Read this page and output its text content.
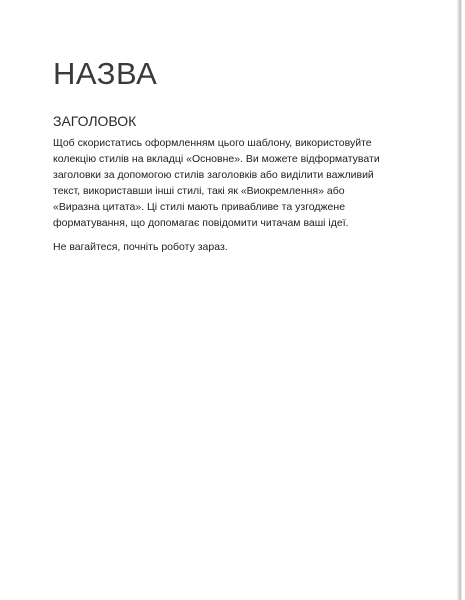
НАЗВА
ЗАГОЛОВОК

Щоб скористатись оформленням цього шаблону, використовуйте

колекцію стилів на вкладці «Основне». Ви можете відформатувати

заголовки за допомогою стилів заголовків або виділити важливий

текст, використавши інші стилі, такі як «Виокремлення» або

«Виразна цитата». Ці стилі мають привабливе та узгоджене

форматування, що допомагає повідомити читачам ваші ідеї.

Не вагайтеся, почніть роботу зараз.
